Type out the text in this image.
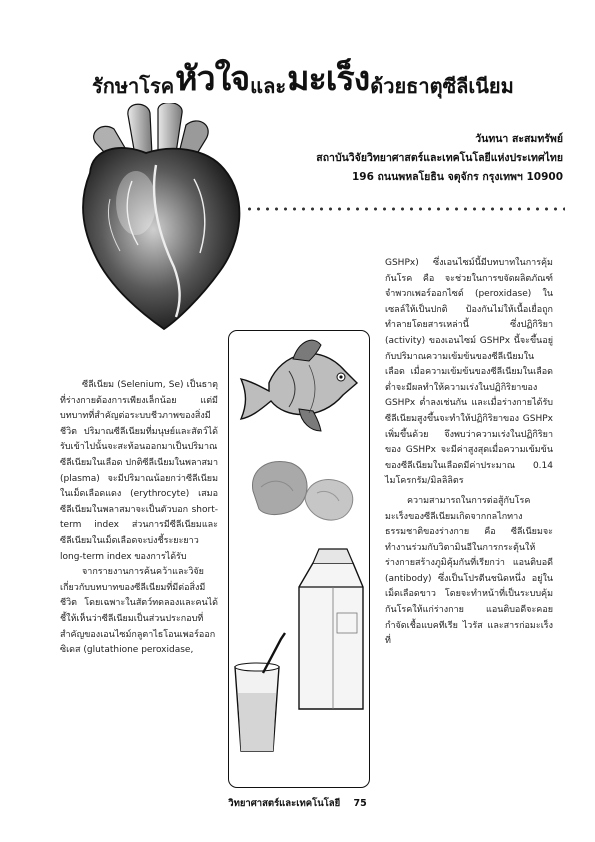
รักษาโรค หัวใจ และ มะเร็ง ด้วยธาตุซีลีเนียม
วันทนา สะสมทรัพย์
สถาบันวิจัยวิทยาศาสตร์และเทคโนโลยีแห่งประเทศไทย
196 ถนนพหลโยธิน จตุจักร กรุงเทพฯ 10900

ซีลีเนียม (Selenium, Se) เป็นธาตุที่ร่างกายต้องการเพียงเล็กน้อย แต่มีบทบาทที่สำคัญต่อระบบชีวภาพของสิ่งมีชีวิต ปริมาณซีลีเนียมที่มนุษย์และสัตว์ได้รับเข้าไปนั้นจะสะท้อนออกมาเป็นปริมาณซีลีเนียมในเลือด ปกติซีลีเนียมในพลาสมา (plasma) จะมีปริมาณน้อยกว่าซีลีเนียมในเม็ดเลือดแดง (erythrocyte) เสมอ ซีลีเนียมในพลาสมาจะเป็นตัวบอก short-term index ส่วนการมีซีลีเนียมและซีลีเนียมในเม็ดเลือดจะบ่งชี้ระยะยาว long-term index ของการได้รับ

จากรายงานการค้นคว้าและวิจัยเกี่ยวกับบทบาทของซีลีเนียมที่มีต่อสิ่งมีชีวิต โดยเฉพาะในสัตว์ทดลองและคนได้ชี้ให้เห็นว่าซีลีเนียมเป็นส่วนประกอบที่สำคัญของเอนไซม์กลูตาไธโอนเพอร์ออกซิเดส (glutathione peroxidase,

GSHPx) ซึ่งเอนไซม์นี้มีบทบาทในการคุ้มกันโรค คือ จะช่วยในการขจัดผลิตภัณฑ์จำพวกเพอร์ออกไซด์ (peroxidase) ในเซลล์ให้เป็นปกติ ป้องกันไม่ให้เนื้อเยื่อถูกทำลายโดยสารเหล่านี้ ซึ่งปฏิกิริยา (activity) ของเอนไซม์ GSHPx นี้จะขึ้นอยู่กับปริมาณความเข้มข้นของซีลีเนียมในเลือด เมื่อความเข้มข้นของซีลีเนียมในเลือดต่ำจะมีผลทำให้ความเร่งในปฏิกิริยาของ GSHPx ต่ำลงเช่นกัน และเมื่อร่างกายได้รับซีลีเนียมสูงขึ้นจะทำให้ปฏิกิริยาของ GSHPx เพิ่มขึ้นด้วย จึงพบว่าความเร่งในปฏิกิริยาของ GSHPx จะมีค่าสูงสุดเมื่อความเข้มข้นของซีลีเนียมในเลือดมีค่าประมาณ 0.14 ไมโครกรัม/มิลลิลิตร

ความสามารถในการต่อสู้กับโรคมะเร็งของซีลีเนียมเกิดจากกลไกทางธรรมชาติของร่างกาย คือ ซีลีเนียมจะทำงานร่วมกับวิตามินอีในการกระตุ้นให้ร่างกายสร้างภูมิคุ้มกันที่เรียกว่า แอนติบอดี (antibody) ซึ่งเป็นโปรตีนชนิดหนึ่ง อยู่ในเม็ดเลือดขาว โดยจะทำหน้าที่เป็นระบบคุ้มกันโรคให้แก่ร่างกาย แอนติบอดีจะคอยกำจัดเชื้อแบคทีเรีย ไวรัส และสารก่อมะเร็งที่

วิทยาศาสตร์และเทคโนโลยี 75
